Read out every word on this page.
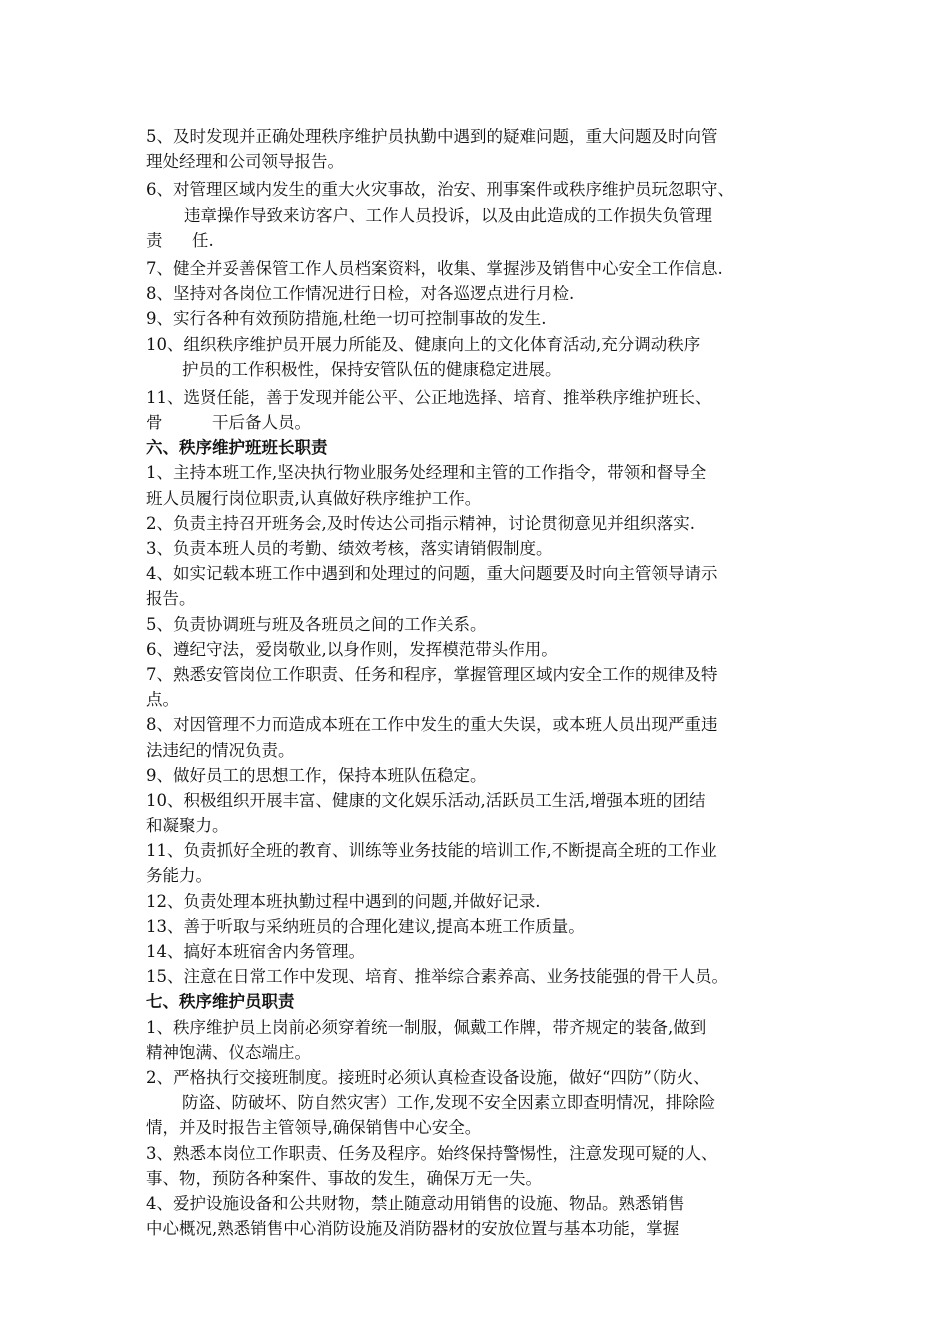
5、及时发现并正确处理秩序维护员执勤中遇到的疑难问题，重大问题及时向管
理处经理和公司领导报告。
6、对管理区域内发生的重大火灾事故，治安、刑事案件或秩序维护员玩忽职守、
违章操作导致来访客户、工作人员投诉，以及由此造成的工作损失负管理
责 任.
7、健全并妥善保管工作人员档案资料，收集、掌握涉及销售中心安全工作信息.
8、坚持对各岗位工作情况进行日检，对各巡逻点进行月检.
9、实行各种有效预防措施,杜绝一切可控制事故的发生.
10、组织秩序维护员开展力所能及、健康向上的文化体育活动,充分调动秩序
护员的工作积极性，保持安管队伍的健康稳定进展。
11、选贤任能，善于发现并能公平、公正地选择、培育、推举秩序维护班长、
骨	干后备人员。
六、秩序维护班班长职责
1、主持本班工作,坚决执行物业服务处经理和主管的工作指令，带领和督导全
班人员履行岗位职责,认真做好秩序维护工作。
2、负责主持召开班务会,及时传达公司指示精神，讨论贯彻意见并组织落实.
3、负责本班人员的考勤、绩效考核，落实请销假制度。
4、如实记载本班工作中遇到和处理过的问题，重大问题要及时向主管领导请示
报告。
5、负责协调班与班及各班员之间的工作关系。
6、遵纪守法，爱岗敬业,以身作则，发挥模范带头作用。
7、熟悉安管岗位工作职责、任务和程序，掌握管理区域内安全工作的规律及特
点。
8、对因管理不力而造成本班在工作中发生的重大失误，或本班人员出现严重违
法违纪的情况负责。
9、做好员工的思想工作，保持本班队伍稳定。
10、积极组织开展丰富、健康的文化娱乐活动,活跃员工生活,增强本班的团结
和凝聚力。
11、负责抓好全班的教育、训练等业务技能的培训工作,不断提高全班的工作业
务能力。
12、负责处理本班执勤过程中遇到的问题,并做好记录.
13、善于听取与采纳班员的合理化建议,提高本班工作质量。
14、搞好本班宿舍内务管理。
15、注意在日常工作中发现、培育、推举综合素养高、业务技能强的骨干人员。
七、秩序维护员职责
1、秩序维护员上岗前必须穿着统一制服，佩戴工作牌，带齐规定的装备,做到
精神饱满、仪态端庄。
2、严格执行交接班制度。接班时必须认真检查设备设施，做好“四防”（防火、
防盗、防破坏、防自然灾害）工作,发现不安全因素立即查明情况，排除险
情，并及时报告主管领导,确保销售中心安全。
3、熟悉本岗位工作职责、任务及程序。始终保持警惕性，注意发现可疑的人、
事、物，预防各种案件、事故的发生，确保万无一失。
4、爱护设施设备和公共财物，禁止随意动用销售的设施、物品。熟悉销售
中心概况,熟悉销售中心消防设施及消防器材的安放位置与基本功能，掌握
